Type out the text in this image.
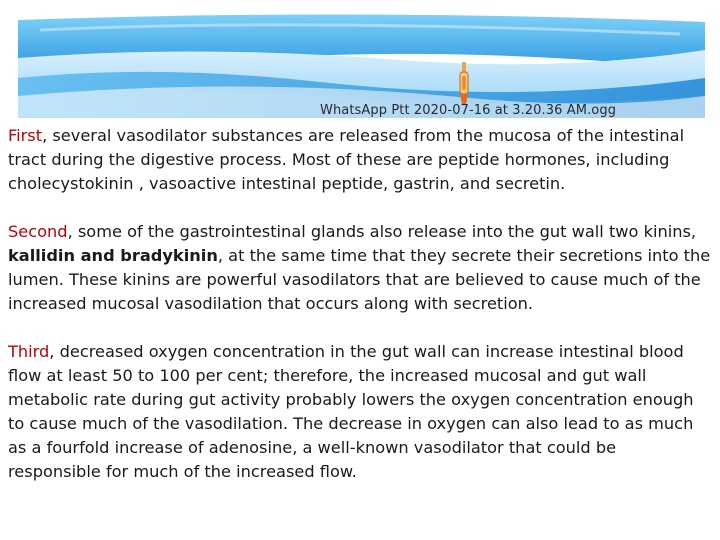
WhatsApp Ptt 2020-07-16 at 3.20.36 AM.ogg

First, several vasodilator substances are released from the mucosa of the intestinal tract during the digestive process. Most of these are peptide hormones, including cholecystokinin , vasoactive intestinal peptide, gastrin, and secretin.

Second, some of the gastrointestinal glands also release into the gut wall two kinins, kallidin and bradykinin, at the same time that they secrete their secretions into the lumen. These kinins are powerful vasodilators that are believed to cause much of the increased mucosal vasodilation that occurs along with secretion.

Third, decreased oxygen concentration in the gut wall can increase intestinal blood flow at least 50 to 100 per cent; therefore, the increased mucosal and gut wall metabolic rate during gut activity probably lowers the oxygen concentration enough to cause much of the vasodilation. The decrease in oxygen can also lead to as much as a fourfold increase of adenosine, a well-known vasodilator that could be responsible for much of the increased flow.
